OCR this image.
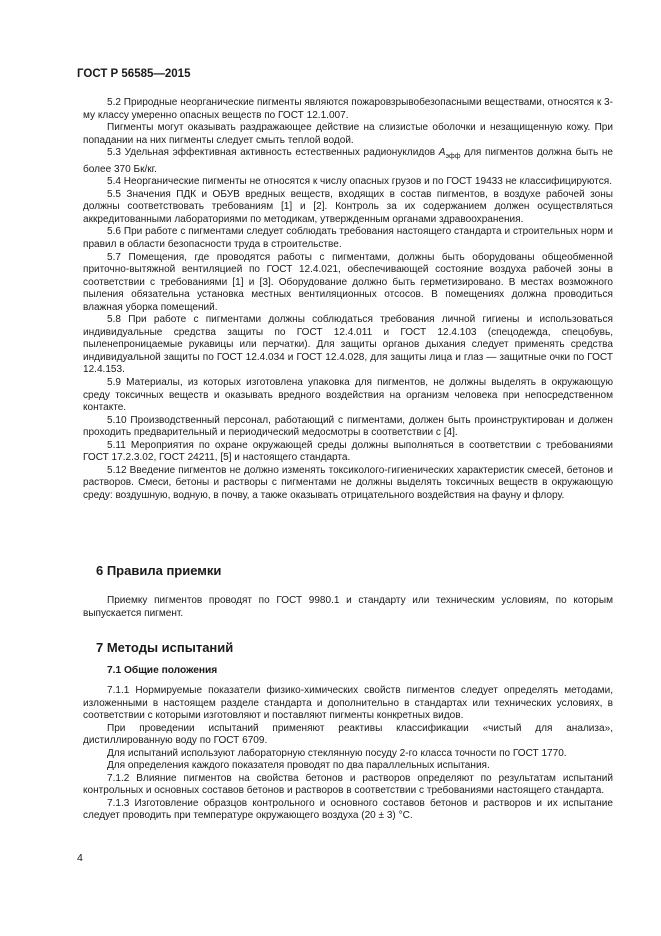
ГОСТ Р 56585—2015

5.2 Природные неорганические пигменты являются пожаровзрывобезопасными веществами, относятся к 3-му классу умеренно опасных веществ по ГОСТ 12.1.007.

Пигменты могут оказывать раздражающее действие на слизистые оболочки и незащищенную кожу. При попадании на них пигменты следует смыть теплой водой.

5.3 Удельная эффективная активность естественных радионуклидов $А_{эфф}$ для пигментов должна быть не более 370 Бк/кг.

5.4 Неорганические пигменты не относятся к числу опасных грузов и по ГОСТ 19433 не классифицируются.

5.5 Значения ПДК и ОБУВ вредных веществ, входящих в состав пигментов, в воздухе рабочей зоны должны соответствовать требованиям [1] и [2]. Контроль за их содержанием должен осуществляться аккредитованными лабораториями по методикам, утвержденным органами здравоохранения.

5.6 При работе с пигментами следует соблюдать требования настоящего стандарта и строительных норм и правил в области безопасности труда в строительстве.

5.7 Помещения, где проводятся работы с пигментами, должны быть оборудованы общеобменной приточно-вытяжной вентиляцией по ГОСТ 12.4.021, обеспечивающей состояние воздуха рабочей зоны в соответствии с требованиями [1] и [3]. Оборудование должно быть герметизировано. В местах возможного пыления обязательна установка местных вентиляционных отсосов. В помещениях должна проводиться влажная уборка помещений.

5.8 При работе с пигментами должны соблюдаться требования личной гигиены и использоваться индивидуальные средства защиты по ГОСТ 12.4.011 и ГОСТ 12.4.103 (спецодежда, спецобувь, пыленепроницаемые рукавицы или перчатки). Для защиты органов дыхания следует применять средства индивидуальной защиты по ГОСТ 12.4.034 и ГОСТ 12.4.028, для защиты лица и глаз — защитные очки по ГОСТ 12.4.153.

5.9 Материалы, из которых изготовлена упаковка для пигментов, не должны выделять в окружающую среду токсичных веществ и оказывать вредного воздействия на организм человека при непосредственном контакте.

5.10 Производственный персонал, работающий с пигментами, должен быть проинструктирован и должен проходить предварительный и периодический медосмотры в соответствии с [4].

5.11 Мероприятия по охране окружающей среды должны выполняться в соответствии с требованиями ГОСТ 17.2.3.02, ГОСТ 24211, [5] и настоящего стандарта.

5.12 Введение пигментов не должно изменять токсиколого-гигиенических характеристик смесей, бетонов и растворов. Смеси, бетоны и растворы с пигментами не должны выделять токсичных веществ в окружающую среду: воздушную, водную, в почву, а также оказывать отрицательного воздействия на фауну и флору.

6 Правила приемки

Приемку пигментов проводят по ГОСТ 9980.1 и стандарту или техническим условиям, по которым выпускается пигмент.

7 Методы испытаний
7.1 Общие положения

7.1.1 Нормируемые показатели физико-химических свойств пигментов следует определять методами, изложенными в настоящем разделе стандарта и дополнительно в стандартах или технических условиях, в соответствии с которыми изготовляют и поставляют пигменты конкретных видов.

При проведении испытаний применяют реактивы классификации «чистый для анализа», дистиллированную воду по ГОСТ 6709.

Для испытаний используют лабораторную стеклянную посуду 2-го класса точности по ГОСТ 1770.

Для определения каждого показателя проводят по два параллельных испытания.

7.1.2 Влияние пигментов на свойства бетонов и растворов определяют по результатам испытаний контрольных и основных составов бетонов и растворов в соответствии с требованиями настоящего стандарта.

7.1.3 Изготовление образцов контрольного и основного составов бетонов и растворов и их испытание следует проводить при температуре окружающего воздуха (20 ± 3) °С.

4
